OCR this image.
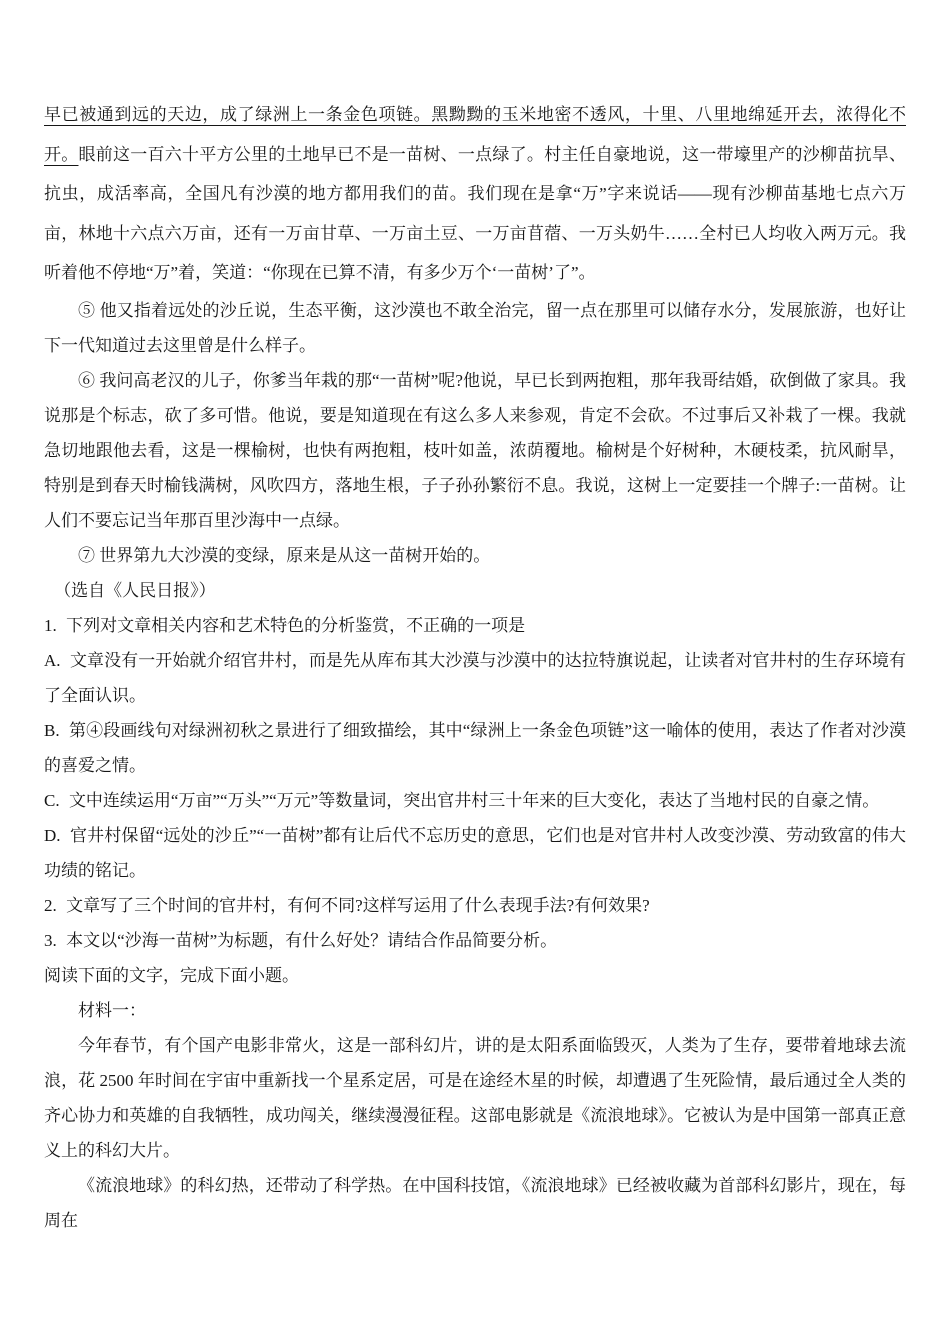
早已被通到远的天边，成了绿洲上一条金色项链。黑黝黝的玉米地密不透风，十里、八里地绵延开去，浓得化不开。眼前这一百六十平方公里的土地早已不是一苗树、一点绿了。村主任自豪地说，这一带壕里产的沙柳苗抗旱、抗虫，成活率高，全国凡有沙漠的地方都用我们的苗。我们现在是拿“万”字来说话——现有沙柳苗基地七点六万亩，林地十六点六万亩，还有一万亩甘草、一万亩土豆、一万亩苜蓿、一万头奶牛……全村已人均收入两万元。我听着他不停地“万”着，笑道：“你现在已算不清，有多少万个‘一苗树’了”。

⑤ 他又指着远处的沙丘说，生态平衡，这沙漠也不敢全治完，留一点在那里可以储存水分，发展旅游，也好让下一代知道过去这里曾是什么样子。

⑥ 我问高老汉的儿子，你爹当年栽的那“一苗树”呢?他说，早已长到两抱粗，那年我哥结婚，砍倒做了家具。我说那是个标志，砍了多可惜。他说，要是知道现在有这么多人来参观，肯定不会砍。不过事后又补栽了一棵。我就急切地跟他去看，这是一棵榆树，也快有两抱粗，枝叶如盖，浓荫覆地。榆树是个好树种，木硬枝柔，抗风耐旱，特别是到春天时榆钱满树，风吹四方，落地生根，子子孙孙繁衍不息。我说，这树上一定要挂一个牌子:一苗树。让人们不要忘记当年那百里沙海中一点绿。

⑦ 世界第九大沙漠的变绿，原来是从这一苗树开始的。

（选自《人民日报》）

1. 下列对文章相关内容和艺术特色的分析鉴赏，不正确的一项是

A. 文章没有一开始就介绍官井村，而是先从库布其大沙漠与沙漠中的达拉特旗说起，让读者对官井村的生存环境有了全面认识。

B. 第④段画线句对绿洲初秋之景进行了细致描绘，其中“绿洲上一条金色项链”这一喻体的使用，表达了作者对沙漠的喜爱之情。

C. 文中连续运用“万亩”“万头”“万元”等数量词，突出官井村三十年来的巨大变化，表达了当地村民的自豪之情。

D. 官井村保留“远处的沙丘”“一苗树”都有让后代不忘历史的意思，它们也是对官井村人改变沙漠、劳动致富的伟大功绩的铭记。

2. 文章写了三个时间的官井村，有何不同?这样写运用了什么表现手法?有何效果?

3. 本文以“沙海一苗树”为标题，有什么好处？请结合作品简要分析。

阅读下面的文字，完成下面小题。

材料一：

今年春节，有个国产电影非常火，这是一部科幻片，讲的是太阳系面临毁灭，人类为了生存，要带着地球去流浪，花 2500 年时间在宇宙中重新找一个星系定居，可是在途经木星的时候，却遭遇了生死险情，最后通过全人类的齐心协力和英雄的自我牺牲，成功闯关，继续漫漫征程。这部电影就是《流浪地球》。它被认为是中国第一部真正意义上的科幻大片。

《流浪地球》的科幻热，还带动了科学热。在中国科技馆，《流浪地球》已经被收藏为首部科幻影片，现在，每周在
